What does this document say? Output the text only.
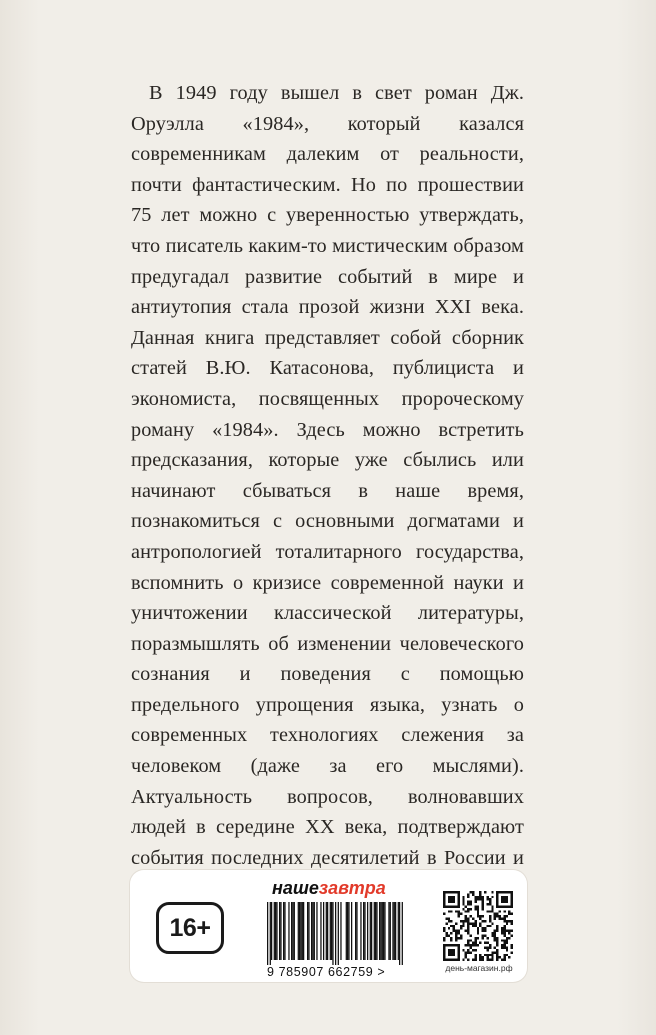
В 1949 году вышел в свет роман Дж. Оруэлла «1984», который казался современникам далеким от реальности, почти фантастическим. Но по прошествии 75 лет можно с уверенностью утверждать, что писатель каким-то мистическим образом предугадал развитие событий в мире и антиутопия стала прозой жизни XXI века. Данная книга представляет собой сборник статей В.Ю. Катасонова, публициста и экономиста, посвященных пророческому роману «1984». Здесь можно встретить предсказания, которые уже сбылись или начинают сбываться в наше время, познакомиться с основными догматами и антропологией тоталитарного государства, вспомнить о кризисе современной науки и уничтожении классической литературы, поразмышлять об изменении человеческого сознания и поведения с помощью предельного упрощения языка, узнать о современных технологиях слежения за человеком (даже за его мыслями). Актуальность вопросов, волновавших людей в середине XX века, подтверждают события последних десятилетий в России и

16+
нашезавтра
9 785907 662759 >	день-магазин.рф
